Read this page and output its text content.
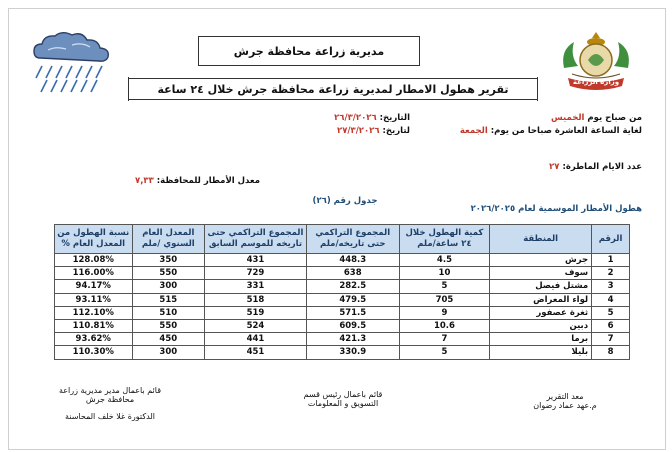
وزارة الزراعة
مديرية زراعة محافظة جرش
تقرير هطول الامطار لمديرية زراعة محافظة جرش خلال ٢٤ ساعة
من صباح يوم الخميس
لغاية الساعة العاشرة صباحا من يوم: الجمعة
التاريخ: ٢٦/٣/٢٠٢٦
لتاريخ: ٢٧/٣/٢٠٢٦
عدد الايام الماطرة: ٢٧
معدل الأمطار للمحافظة: ٧,٣٣
جدول رقم (٢٦)
هطول الأمطار الموسمية لعام ٢٠٢٦/٢٠٢٥
الرقم	المنطقة	كمية الهطول خلال ٢٤ ساعة/ملم	المجموع التراكمي حتى تاريخه/ملم	المجموع التراكمي حتى تاريخه للموسم السابق	المعدل العام السنوي /ملم	نسبة الهطول من المعدل العام %
1	جرش	4.5	448.3	431	350	128.08%
2	سوف	10	638	729	550	116.00%
3	مشتل فيصل	5	282.5	331	300	94.17%
4	لواء المعراض	705	479.5	518	515	93.11%
5	ثغرة عصفور	9	571.5	519	510	112.10%
6	دبين	10.6	609.5	524	550	110.81%
7	برما	7	421.3	441	450	93.62%
8	بليلا	5	330.9	451	300	110.30%
معد التقرير
م.عهد عماد رضوان
قائم باعمال رئيس قسم
التسويق و المعلومات
قائم باعمال مدير مديرية زراعة
محافظة جرش
الدكتورة غلا خلف المحاسنة
